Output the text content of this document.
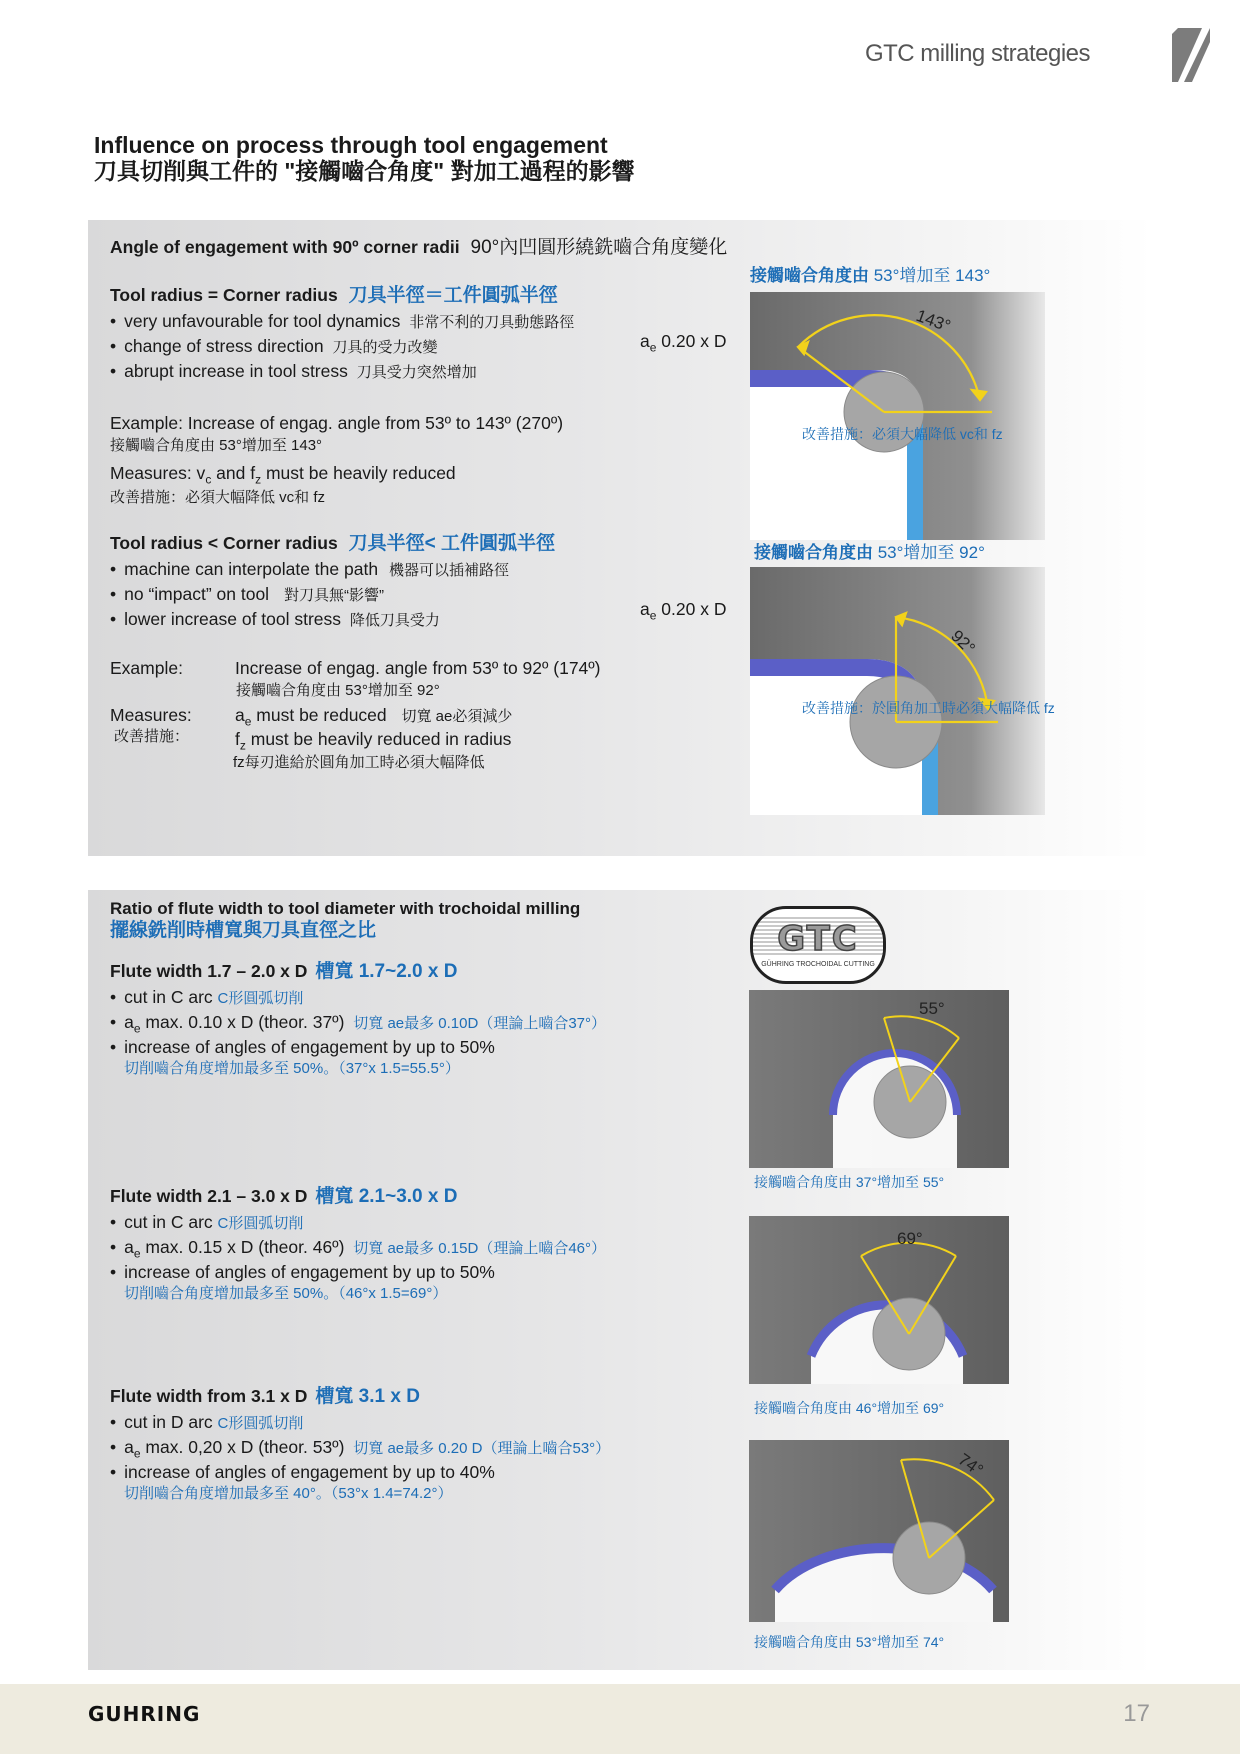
GTC milling strategies
Influence on process through tool engagement
刀具切削與工件的 "接觸嚙合角度" 對加工過程的影響
Angle of engagement with 90º corner radii 90°內凹圓形繞銑嚙合角度變化
Tool radius = Corner radius 刀具半徑＝工件圓弧半徑
• very unfavourable for tool dynamics 非常不利的刀具動態路徑
• change of stress direction 刀具的受力改變
• abrupt increase in tool stress 刀具受力突然增加
Example: Increase of engag. angle from 53º to 143º (270º)
接觸嚙合角度由 53°增加至 143°
Measures: $v_c$ and $f_z$ must be heavily reduced
改善措施：必須大幅降低 vc和 fz
$a_e$ 0.20 x D
接觸嚙合角度由 53°增加至 143°
143°
改善措施：必須大幅降低 vc和 fz
Tool radius < Corner radius 刀具半徑< 工件圓弧半徑
• machine can interpolate the path 機器可以插補路徑
• no “impact” on tool 對刀具無“影響”
• lower increase of tool stress 降低刀具受力
Example:	Increase of engag. angle from 53º to 92º (174º)
接觸嚙合角度由 53°增加至 92°
Measures:
改善措施：
$a_e$ must be reduced 切寬 ae必須減少
$f_z$ must be heavily reduced in radius
fz每刃進給於圓角加工時必須大幅降低
$a_e$ 0.20 x D
接觸嚙合角度由 53°增加至 92°
92°
改善措施：於圓角加工時必須大幅降低 fz
Ratio of flute width to tool diameter with trochoidal milling
擺線銑削時槽寬與刀具直徑之比	GTC
GÜHRING TROCHOIDAL CUTTING
Flute width 1.7 – 2.0 x D 槽寬 1.7~2.0 x D
• cut in C arc C形圓弧切削
• $a_e$ max. 0.10 x D (theor. 37º) 切寬 ae最多 0.10D（理論上嚙合37°）
• increase of angles of engagement by up to 50%
切削嚙合角度增加最多至 50%。（37°x 1.5=55.5°）
55°
接觸嚙合角度由 37°增加至 55°
Flute width 2.1 – 3.0 x D 槽寬 2.1~3.0 x D
• cut in C arc C形圓弧切削
• $a_e$ max. 0.15 x D (theor. 46º) 切寬 ae最多 0.15D（理論上嚙合46°）
• increase of angles of engagement by up to 50%
切削嚙合角度增加最多至 50%。（46°x 1.5=69°）
69°
接觸嚙合角度由 46°增加至 69°
Flute width from 3.1 x D 槽寬 3.1 x D
• cut in D arc C形圓弧切削
• $a_e$ max. 0,20 x D (theor. 53º) 切寬 ae最多 0.20 D（理論上嚙合53°）
• increase of angles of engagement by up to 40%
切削嚙合角度增加最多至 40°。（53°x 1.4=74.2°）
74°
接觸嚙合角度由 53°增加至 74°
GUHRING	17
